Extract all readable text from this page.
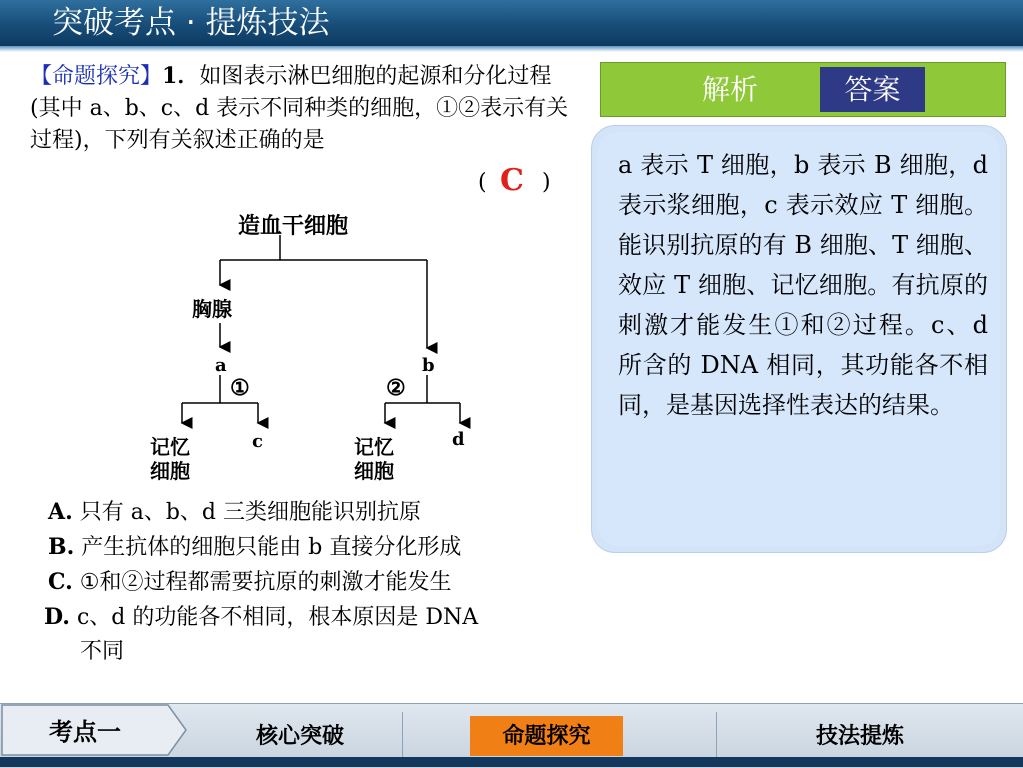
突破考点 · 提炼技法
【命题探究】1．如图表示淋巴细胞的起源和分化过程(其中 a、b、c、d 表示不同种类的细胞，①②表示有关过程)，下列有关叙述正确的是
( C )
造血干细胞
胸腺
a	b
①	②
记忆
细胞
c	记忆
细胞
d
A. 只有 a、b、d 三类细胞能识别抗原
B. 产生抗体的细胞只能由 b 直接分化形成
C. ①和②过程都需要抗原的刺激才能发生
D. c、d 的功能各不相同，根本原因是 DNA
不同
解析	答案
a 表示 T 细胞，b 表示 B 细胞，d 表示浆细胞，c 表示效应 T 细胞。能识别抗原的有 B 细胞、T 细胞、效应 T 细胞、记忆细胞。有抗原的刺激才能发生①和②过程。c、d 所含的 DNA 相同，其功能各不相同，是基因选择性表达的结果。
考点一	核心突破	命题探究	技法提炼
